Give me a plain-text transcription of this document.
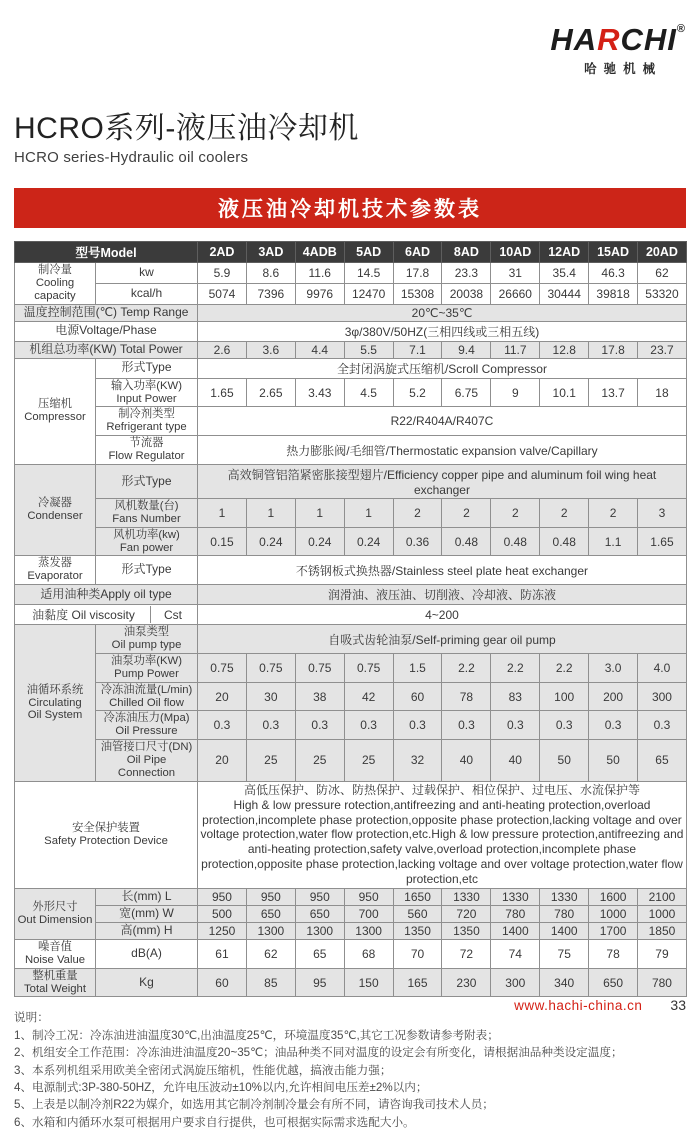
HARCHI®
哈驰机械
HCRO系列-液压油冷却机
HCRO series-Hydraulic oil coolers
液压油冷却机技术参数表
型号Model		2AD	3AD	4ADB	5AD	6AD	8AD	10AD	12AD	15AD	20AD

制冷量
Cooling capacity	kw	5.9	8.6	11.6	14.5	17.8	23.3	31	35.4	46.3	62

	kcal/h	5074	7396	9976	12470	15308	20038	26660	30444	39818	53320

温度控制范围(℃) Temp Range		20℃~35℃									

电源Voltage/Phase		3φ/380V/50HZ(三相四线或三相五线)									

机组总功率(KW) Total Power		2.6	3.6	4.4	5.5	7.1	9.4	11.7	12.8	17.8	23.7

压缩机
Compressor	形式Type	全封闭涡旋式压缩机/Scroll Compressor									

	输入功率(KW)
Input Power	1.65	2.65	3.43	4.5	5.2	6.75	9	10.1	13.7	18

	制冷剂类型
Refrigerant type	R22/R404A/R407C									

	节流器
Flow Regulator	热力膨胀阀/毛细管/Thermostatic expansion valve/Capillary									

冷凝器
Condenser	形式Type	高效铜管铝箔紧密胀接型翅片/Efficiency copper pipe and aluminum foil wing heat exchanger									

	风机数量(台)
Fans Number	1	1	1	1	2	2	2	2	2	3

	风机功率(kw)
Fan power	0.15	0.24	0.24	0.24	0.36	0.48	0.48	0.48	1.1	1.65

蒸发器
Evaporator	形式Type	不锈钢板式换热器/Stainless steel plate heat exchanger									

适用油种类Apply oil type		润滑油、液压油、切削液、冷却液、防冻液									

油黏度 Oil viscosity Cst		4~200									

油循环系统
Circulating
Oil System

油泵类型
Oil pump type	自吸式齿轮油泵/Self-priming gear oil pump

	油泵功率(KW)
Pump Power	0.75	0.75	0.75	0.75	1.5	2.2	2.2	2.2	3.0	4.0

	冷冻油流量(L/min)
Chilled Oil flow	20	30	38	42	60	78	83	100	200	300

	冷冻油压力(Mpa)
Oil Pressure	0.3	0.3	0.3	0.3	0.3	0.3	0.3	0.3	0.3	0.3

	油管接口尺寸(DN)
Oil Pipe Connection	20	25	25	25	32	40	40	50	50	65

安全保护装置
Safety Protection Device

高低压保护、防冰、防热保护、过载保护、相位保护、过电压、水流保护等
High & low pressure rotection,antifreezing and anti-heating protection,overload protection,incomplete phase protection,opposite phase protection,lacking voltage and over voltage protection,water flow protection,etc.High & low pressure protection,antifreezing and anti-heating protection,safety valve,overload protection,incomplete phase protection,opposite phase protection,lacking voltage and over voltage protection,water flow protection,etc

外形尺寸
Out Dimension	长(mm) L	950	950	950	950	1650	1330	1330	1330	1600	2100

	宽(mm) W	500	650	650	700	560	720	780	780	1000	1000

	高(mm) H	1250	1300	1300	1300	1350	1350	1400	1400	1700	1850

噪音值
Noise Value	dB(A)	61	62	65	68	70	72	74	75	78	79

整机重量
Total Weight	Kg	60	85	95	150	165	230	300	340	650	780
说明：
1、制冷工况：冷冻油进油温度30℃,出油温度25℃，环境温度35℃,其它工况参数请参考附表；
2、机组安全工作范围：冷冻油进油温度20~35℃；油品种类不同对温度的设定会有所变化，请根据油品种类设定温度；
3、本系列机组采用欧美全密闭式涡旋压缩机，性能优越，搞液击能力强；
4、电源制式:3P-380-50HZ，允许电压波动±10%以内,允许相间电压差±2%以内；
5、上表是以制冷剂R22为媒介，如选用其它制冷剂制冷量会有所不同，请咨询我司技术人员；
6、水箱和内循环水泵可根据用户要求自行提供，也可根据实际需求选配大小。
www.hachi-china.cn 33
